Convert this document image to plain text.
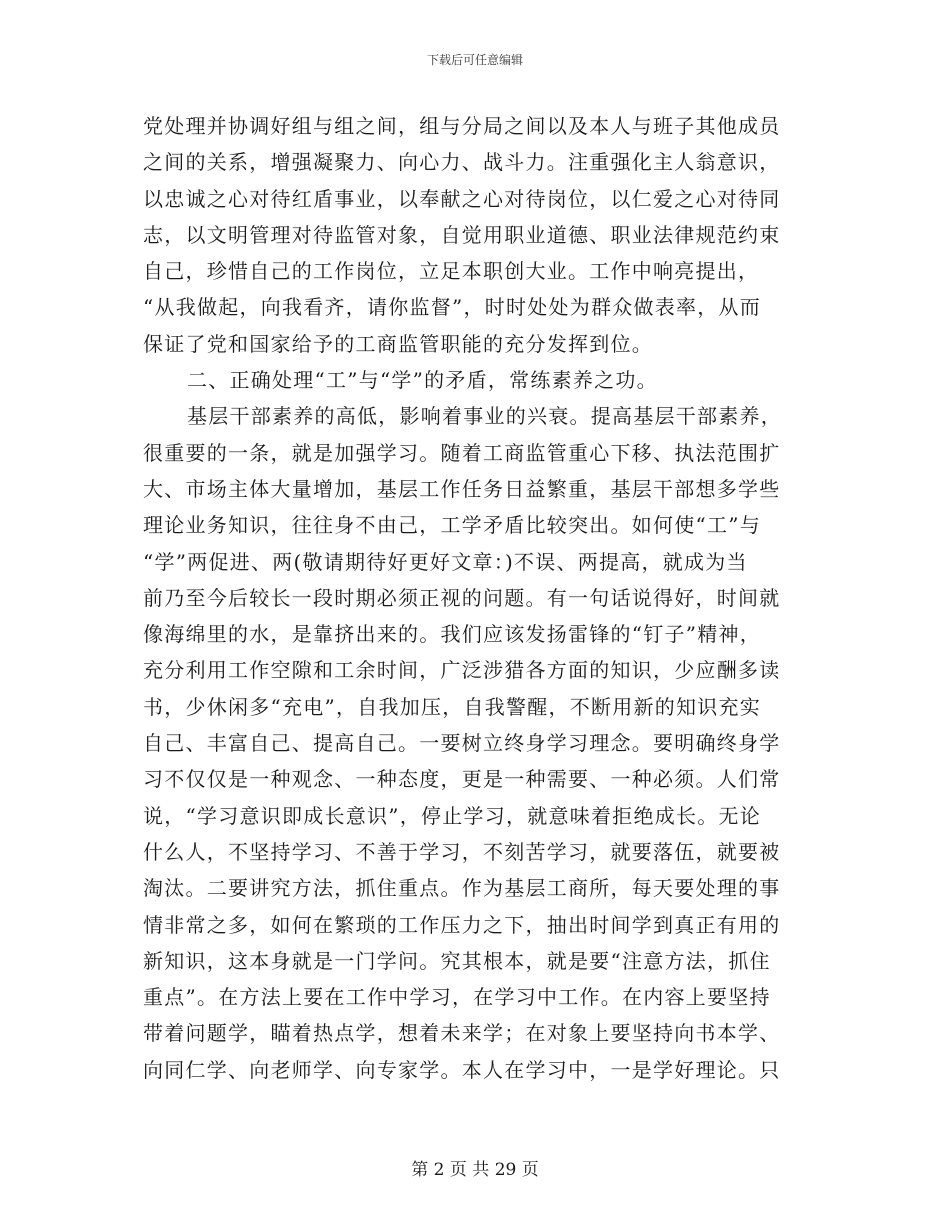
下载后可任意编辑
党处理并协调好组与组之间，组与分局之间以及本人与班子其他成员
之间的关系，增强凝聚力、向心力、战斗力。注重强化主人翁意识，
以忠诚之心对待红盾事业，以奉献之心对待岗位，以仁爱之心对待同
志，以文明管理对待监管对象，自觉用职业道德、职业法律规范约束
自己，珍惜自己的工作岗位，立足本职创大业。工作中响亮提出，
“从我做起，向我看齐，请你监督”，时时处处为群众做表率，从而
保证了党和国家给予的工商监管职能的充分发挥到位。
二、正确处理“工”与“学”的矛盾，常练素养之功。
基层干部素养的高低，影响着事业的兴衰。提高基层干部素养，
很重要的一条，就是加强学习。随着工商监管重心下移、执法范围扩
大、市场主体大量增加，基层工作任务日益繁重，基层干部想多学些
理论业务知识，往往身不由己，工学矛盾比较突出。如何使“工”与
“学”两促进、两(敬请期待好更好文章：)不误、两提高，就成为当
前乃至今后较长一段时期必须正视的问题。有一句话说得好，时间就
像海绵里的水，是靠挤出来的。我们应该发扬雷锋的“钉子”精神，
充分利用工作空隙和工余时间，广泛涉猎各方面的知识，少应酬多读
书，少休闲多“充电”，自我加压，自我警醒，不断用新的知识充实
自己、丰富自己、提高自己。一要树立终身学习理念。要明确终身学
习不仅仅是一种观念、一种态度，更是一种需要、一种必须。人们常
说，“学习意识即成长意识”，停止学习，就意味着拒绝成长。无论
什么人，不坚持学习、不善于学习，不刻苦学习，就要落伍，就要被
淘汰。二要讲究方法，抓住重点。作为基层工商所，每天要处理的事
情非常之多，如何在繁琐的工作压力之下，抽出时间学到真正有用的
新知识，这本身就是一门学问。究其根本，就是要“注意方法，抓住
重点”。在方法上要在工作中学习，在学习中工作。在内容上要坚持
带着问题学，瞄着热点学，想着未来学；在对象上要坚持向书本学、
向同仁学、向老师学、向专家学。本人在学习中，一是学好理论。只
第 2 页 共 29 页
